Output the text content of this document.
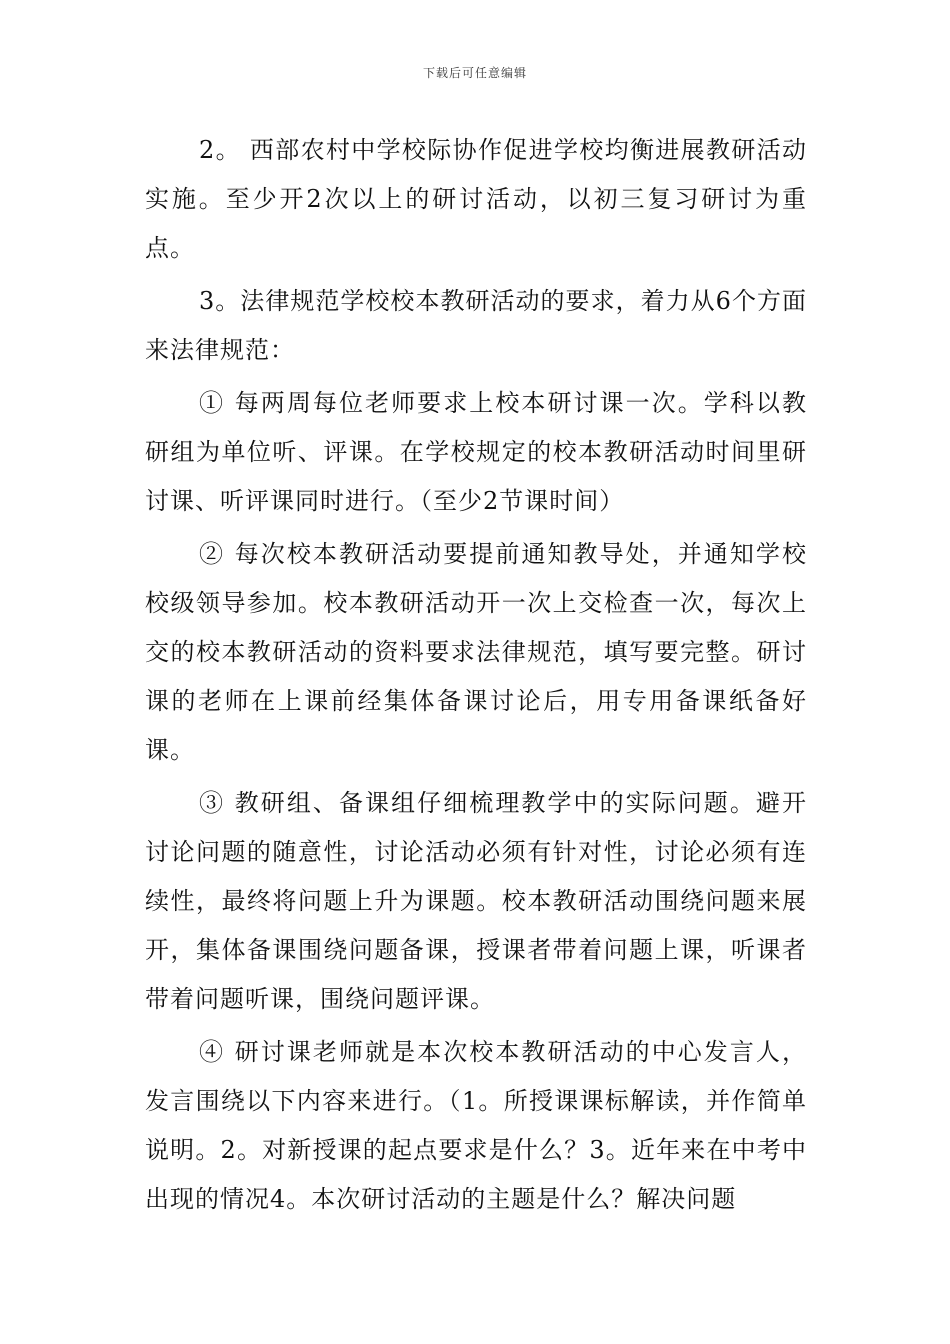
下载后可任意编辑

2。 西部农村中学校际协作促进学校均衡进展教研活动实施。至少开2次以上的研讨活动，以初三复习研讨为重点。

3。法律规范学校校本教研活动的要求，着力从6个方面来法律规范：

① 每两周每位老师要求上校本研讨课一次。学科以教研组为单位听、评课。在学校规定的校本教研活动时间里研讨课、听评课同时进行。（至少2节课时间）

② 每次校本教研活动要提前通知教导处，并通知学校校级领导参加。校本教研活动开一次上交检查一次，每次上交的校本教研活动的资料要求法律规范，填写要完整。研讨课的老师在上课前经集体备课讨论后，用专用备课纸备好课。

③ 教研组、备课组仔细梳理教学中的实际问题。避开讨论问题的随意性，讨论活动必须有针对性，讨论必须有连续性，最终将问题上升为课题。校本教研活动围绕问题来展开，集体备课围绕问题备课，授课者带着问题上课，听课者带着问题听课，围绕问题评课。

④ 研讨课老师就是本次校本教研活动的中心发言人，发言围绕以下内容来进行。（1。所授课课标解读，并作简单说明。2。对新授课的起点要求是什么？3。近年来在中考中出现的情况4。本次研讨活动的主题是什么？解决问题
